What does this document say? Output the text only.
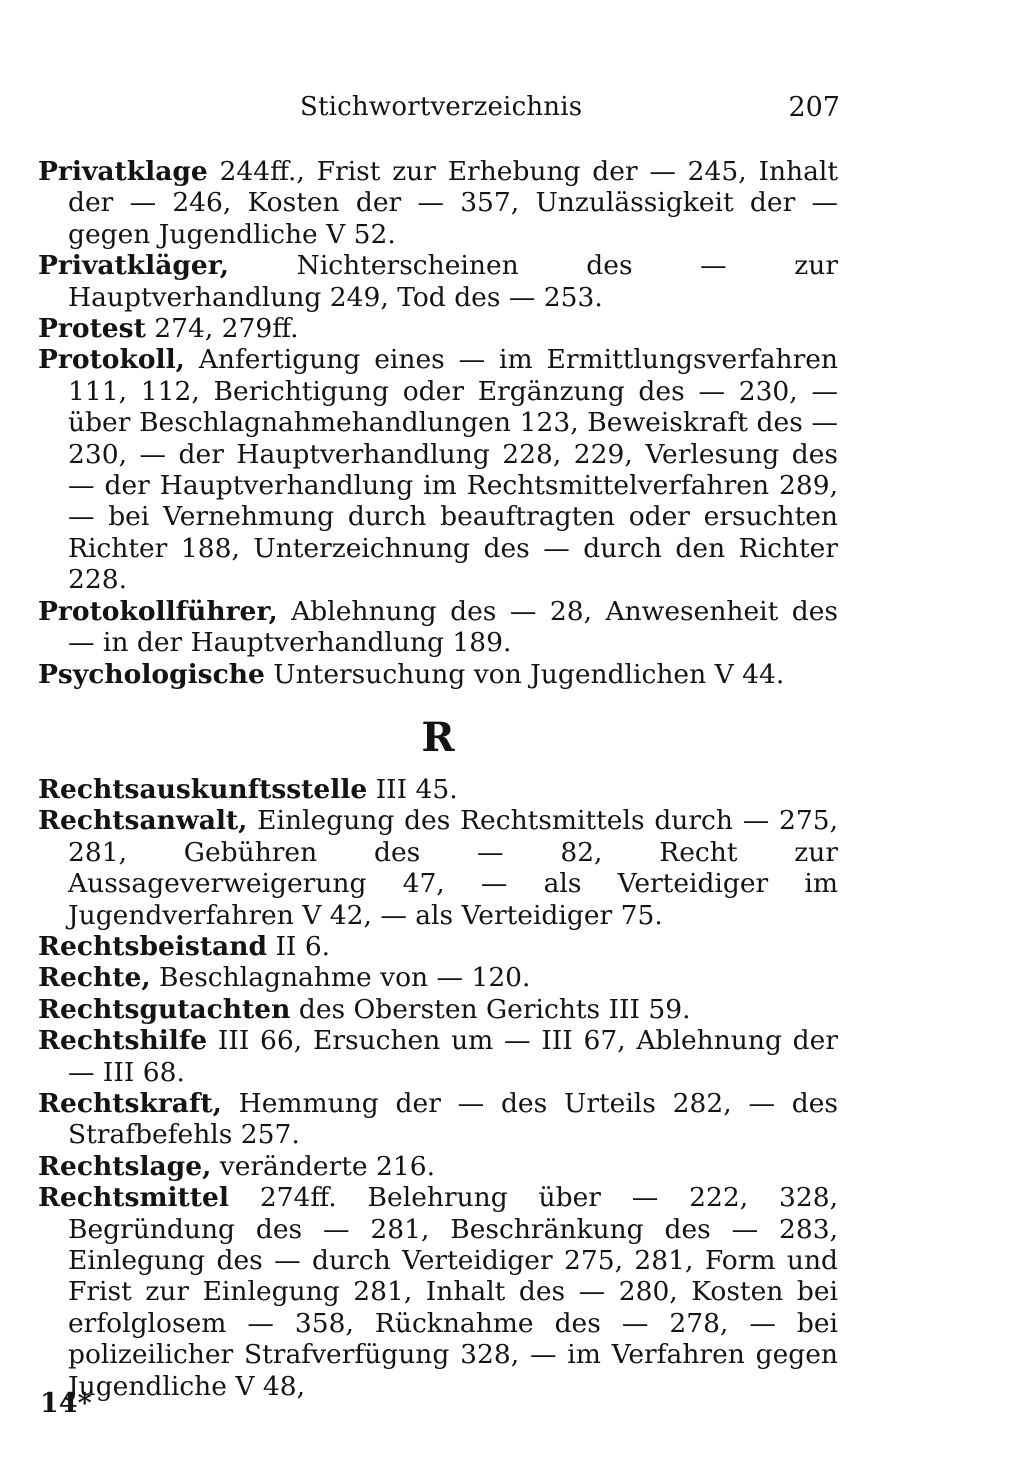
Stichwortverzeichnis	207

Privatklage 244ff., Frist zur Erhebung der — 245, Inhalt der — 246, Kosten der — 357, Unzulässigkeit der — gegen Jugendliche V 52.

Privatkläger, Nichterscheinen des — zur Hauptverhandlung 249, Tod des — 253.

Protest 274, 279ff.

Protokoll, Anfertigung eines — im Ermittlungsverfahren 111, 112, Berichtigung oder Ergänzung des — 230, — über Beschlagnahmehandlungen 123, Beweiskraft des — 230, — der Hauptverhandlung 228, 229, Verlesung des — der Hauptverhandlung im Rechtsmittelverfahren 289, — bei Vernehmung durch beauftragten oder ersuchten Richter 188, Unterzeichnung des — durch den Richter 228.

Protokollführer, Ablehnung des — 28, Anwesenheit des — in der Hauptverhandlung 189.

Psychologische Untersuchung von Jugendlichen V 44.

R

Rechtsauskunftsstelle III 45.

Rechtsanwalt, Einlegung des Rechtsmittels durch — 275, 281, Gebühren des — 82, Recht zur Aussageverweigerung 47, — als Verteidiger im Jugendverfahren V 42, — als Verteidiger 75.

Rechtsbeistand II 6.

Rechte, Beschlagnahme von — 120.

Rechtsgutachten des Obersten Gerichts III 59.

Rechtshilfe III 66, Ersuchen um — III 67, Ablehnung der — III 68.

Rechtskraft, Hemmung der — des Urteils 282, — des Strafbefehls 257.

Rechtslage, veränderte 216.

Rechtsmittel 274ff. Belehrung über — 222, 328, Begründung des — 281, Beschränkung des — 283, Einlegung des — durch Verteidiger 275, 281, Form und Frist zur Einlegung 281, Inhalt des — 280, Kosten bei erfolglosem — 358, Rücknahme des — 278, — bei polizeilicher Strafverfügung 328, — im Verfahren gegen Jugendliche V 48,

14*
